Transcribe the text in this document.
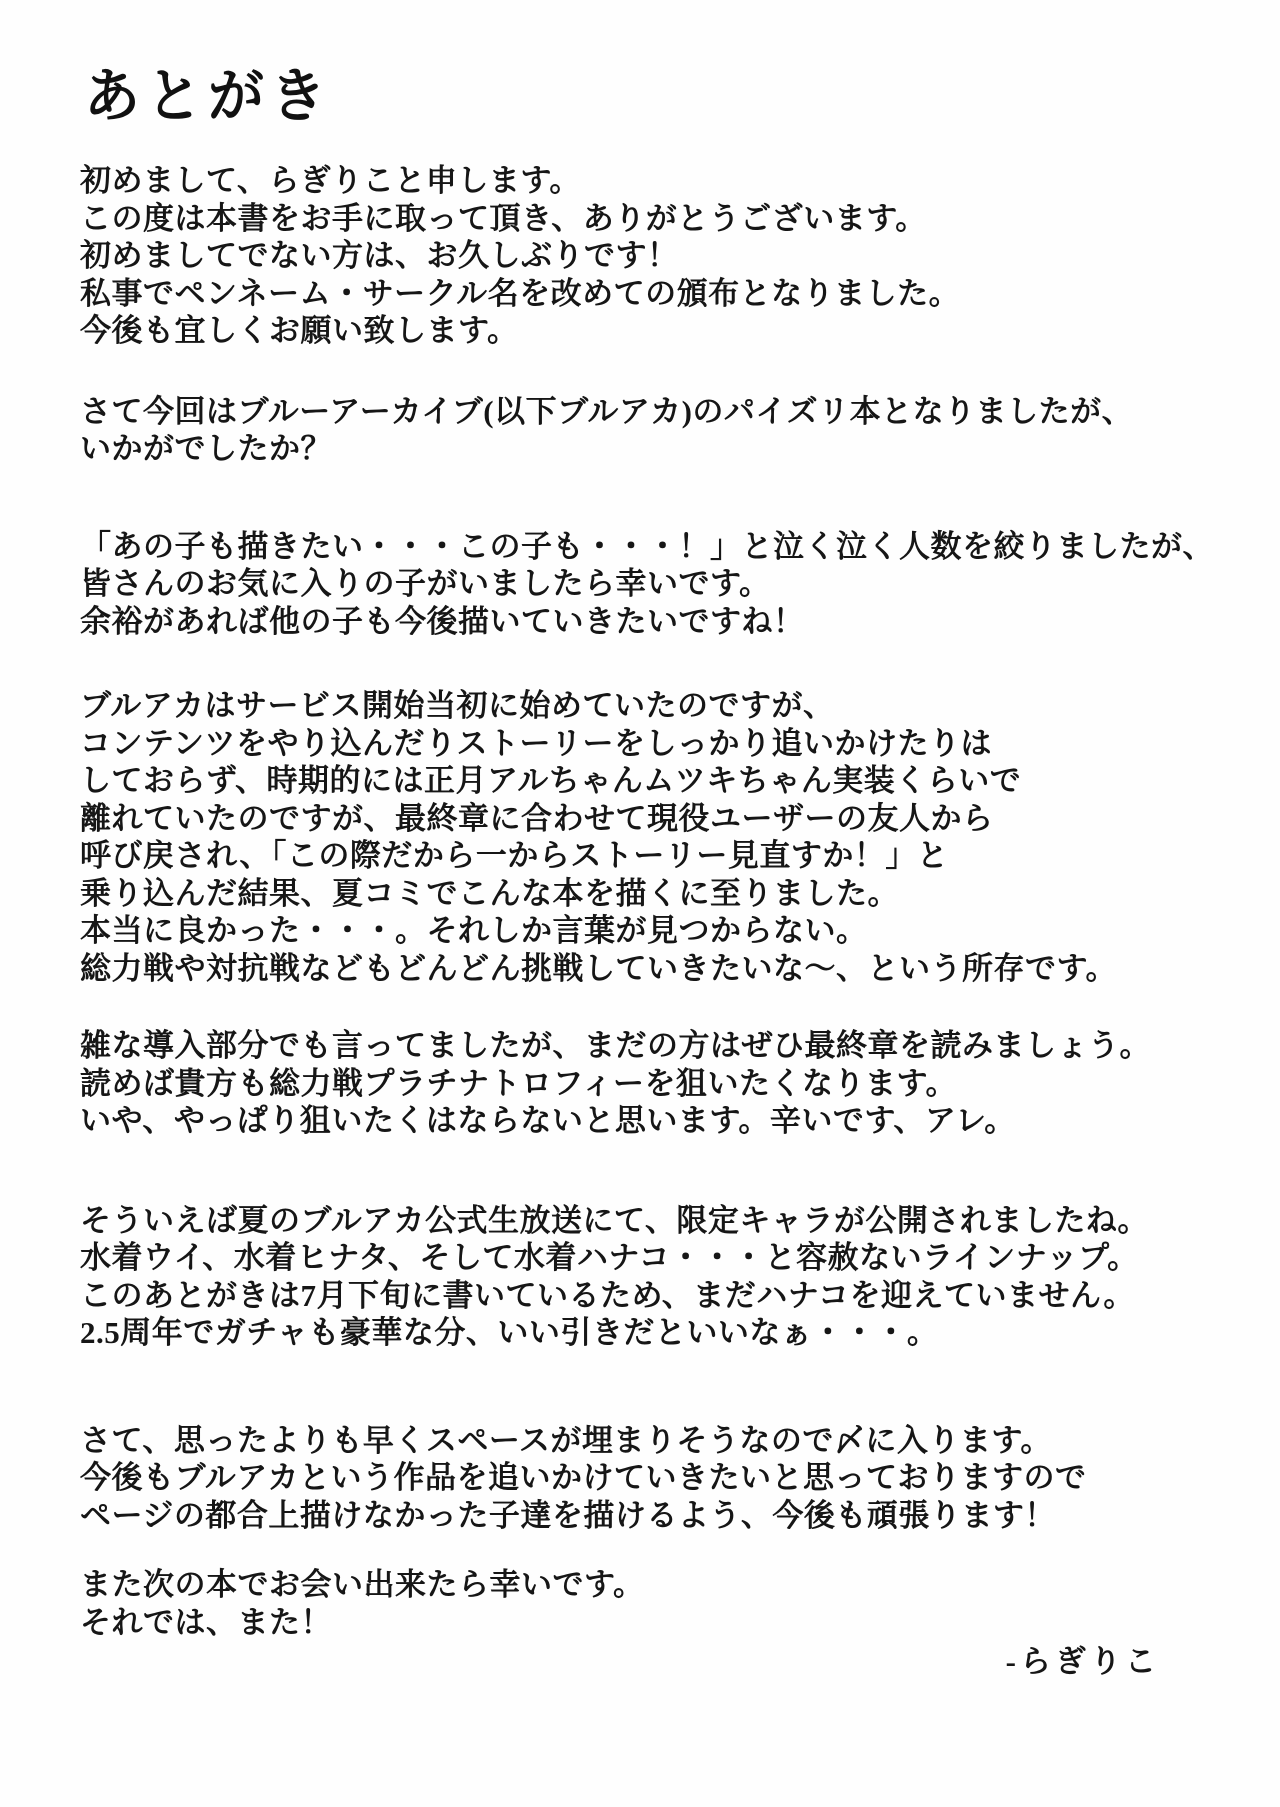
あとがき

初めまして、らぎりこと申します。

この度は本書をお手に取って頂き、ありがとうございます。

初めましてでない方は、お久しぶりです！

私事でペンネーム・サークル名を改めての頒布となりました。

今後も宜しくお願い致します。

さて今回はブルーアーカイブ(以下ブルアカ)のパイズリ本となりましたが、

いかがでしたか？

「あの子も描きたい・・・この子も・・・！」と泣く泣く人数を絞りましたが、

皆さんのお気に入りの子がいましたら幸いです。

余裕があれば他の子も今後描いていきたいですね！

ブルアカはサービス開始当初に始めていたのですが、

コンテンツをやり込んだりストーリーをしっかり追いかけたりは

しておらず、時期的には正月アルちゃんムツキちゃん実装くらいで

離れていたのですが、最終章に合わせて現役ユーザーの友人から

呼び戻され、「この際だから一からストーリー見直すか！」と

乗り込んだ結果、夏コミでこんな本を描くに至りました。

本当に良かった・・・。それしか言葉が見つからない。

総力戦や対抗戦などもどんどん挑戦していきたいな～、という所存です。

雑な導入部分でも言ってましたが、まだの方はぜひ最終章を読みましょう。

読めば貴方も総力戦プラチナトロフィーを狙いたくなります。

いや、やっぱり狙いたくはならないと思います。辛いです、アレ。

そういえば夏のブルアカ公式生放送にて、限定キャラが公開されましたね。

水着ウイ、水着ヒナタ、そして水着ハナコ・・・と容赦ないラインナップ。

このあとがきは7月下旬に書いているため、まだハナコを迎えていません。

2.5周年でガチャも豪華な分、いい引きだといいなぁ・・・。

さて、思ったよりも早くスペースが埋まりそうなので〆に入ります。

今後もブルアカという作品を追いかけていきたいと思っておりますので

ページの都合上描けなかった子達を描けるよう、今後も頑張ります！

また次の本でお会い出来たら幸いです。

それでは、また！

-らぎりこ
